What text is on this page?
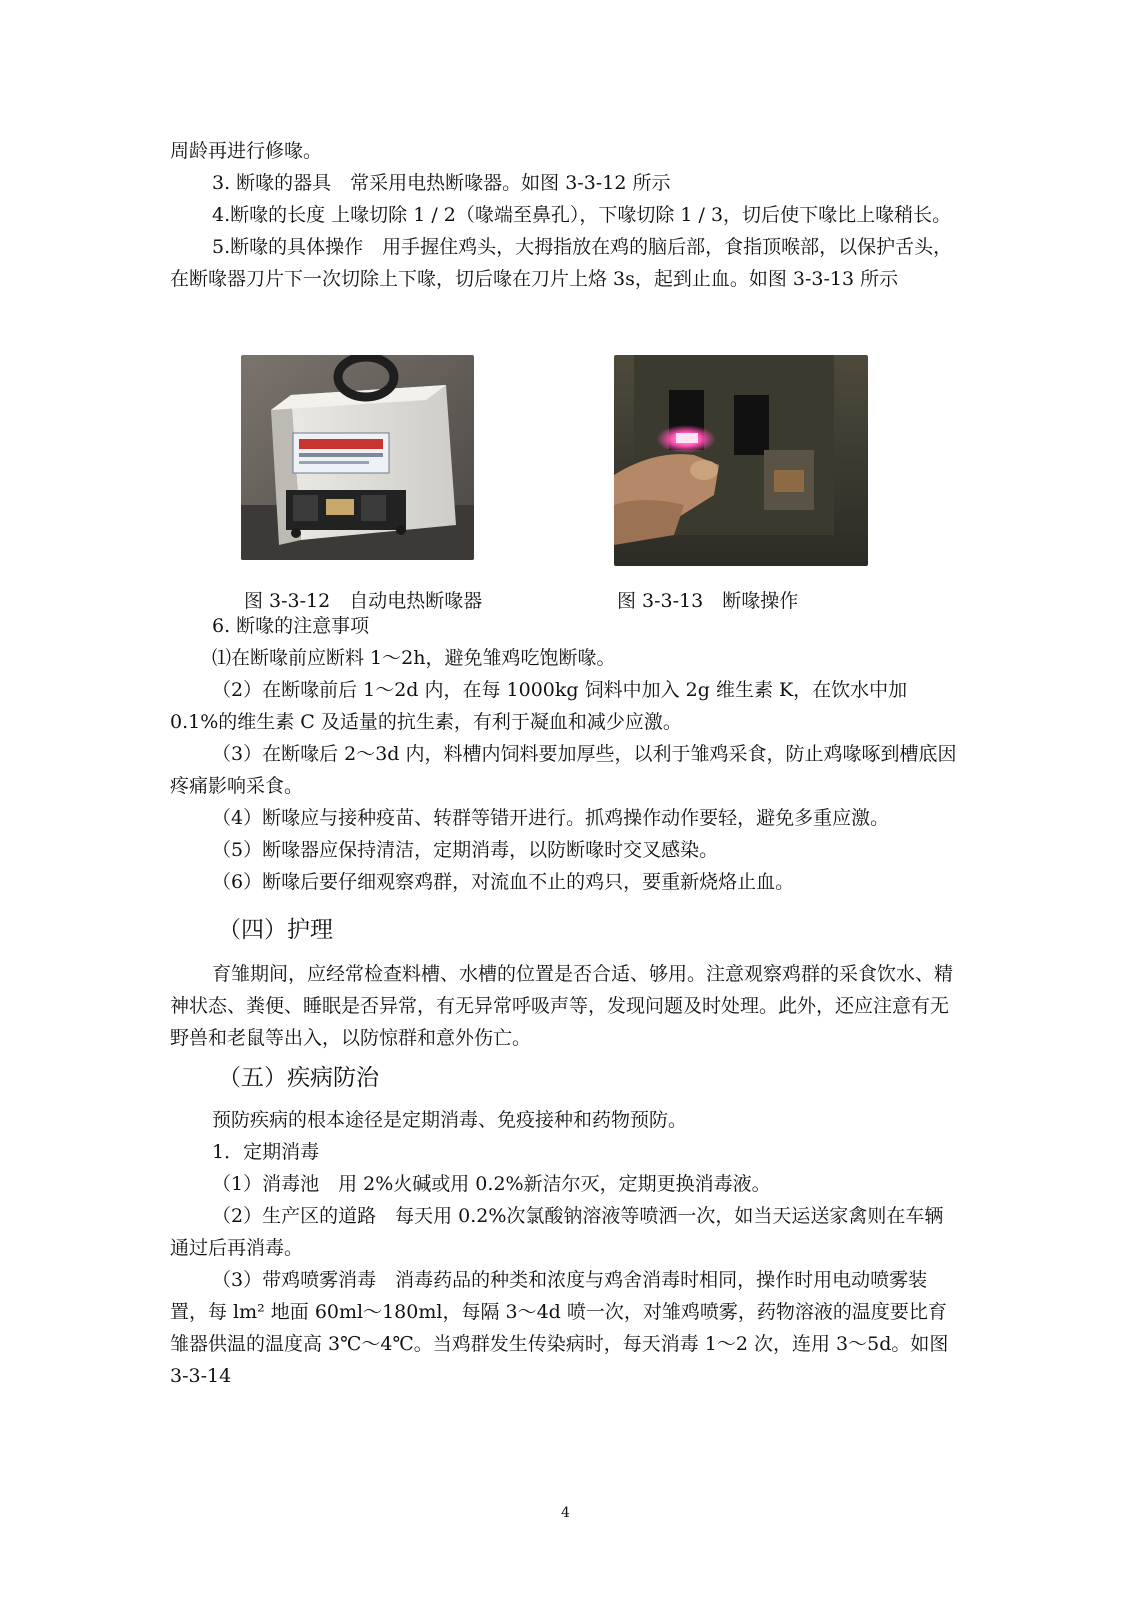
周龄再进行修喙。

3. 断喙的器具　常采用电热断喙器。如图 3-3-12 所示

4.断喙的长度 上喙切除 1 / 2（喙端至鼻孔），下喙切除 1 / 3，切后使下喙比上喙稍长。

5.断喙的具体操作　用手握住鸡头，大拇指放在鸡的脑后部，食指顶喉部，以保护舌头，在断喙器刀片下一次切除上下喙，切后喙在刀片上烙 3s，起到止血。如图 3-3-13 所示

图 3-3-12　自动电热断喙器	图 3-3-13　断喙操作

6. 断喙的注意事项

⑴在断喙前应断料 1～2h，避免雏鸡吃饱断喙。

（2）在断喙前后 1～2d 内，在每 1000kg 饲料中加入 2g 维生素 K，在饮水中加 0.1%的维生素 C 及适量的抗生素，有利于凝血和减少应激。

（3）在断喙后 2～3d 内，料槽内饲料要加厚些，以利于雏鸡采食，防止鸡喙啄到槽底因疼痛影响采食。

（4）断喙应与接种疫苗、转群等错开进行。抓鸡操作动作要轻，避免多重应激。

（5）断喙器应保持清洁，定期消毒，以防断喙时交叉感染。

（6）断喙后要仔细观察鸡群，对流血不止的鸡只，要重新烧烙止血。

（四）护理

育雏期间，应经常检查料槽、水槽的位置是否合适、够用。注意观察鸡群的采食饮水、精神状态、粪便、睡眠是否异常，有无异常呼吸声等，发现问题及时处理。此外，还应注意有无野兽和老鼠等出入，以防惊群和意外伤亡。

（五）疾病防治

预防疾病的根本途径是定期消毒、免疫接种和药物预防。

1．定期消毒

（1）消毒池　用 2%火碱或用 0.2%新洁尔灭，定期更换消毒液。

（2）生产区的道路　每天用 0.2%次氯酸钠溶液等喷洒一次，如当天运送家禽则在车辆通过后再消毒。

（3）带鸡喷雾消毒　消毒药品的种类和浓度与鸡舍消毒时相同，操作时用电动喷雾装置，每 lm² 地面 60ml～180ml，每隔 3～4d 喷一次，对雏鸡喷雾，药物溶液的温度要比育雏器供温的温度高 3℃～4℃。当鸡群发生传染病时，每天消毒 1～2 次，连用 3～5d。如图 3-3-14

4
